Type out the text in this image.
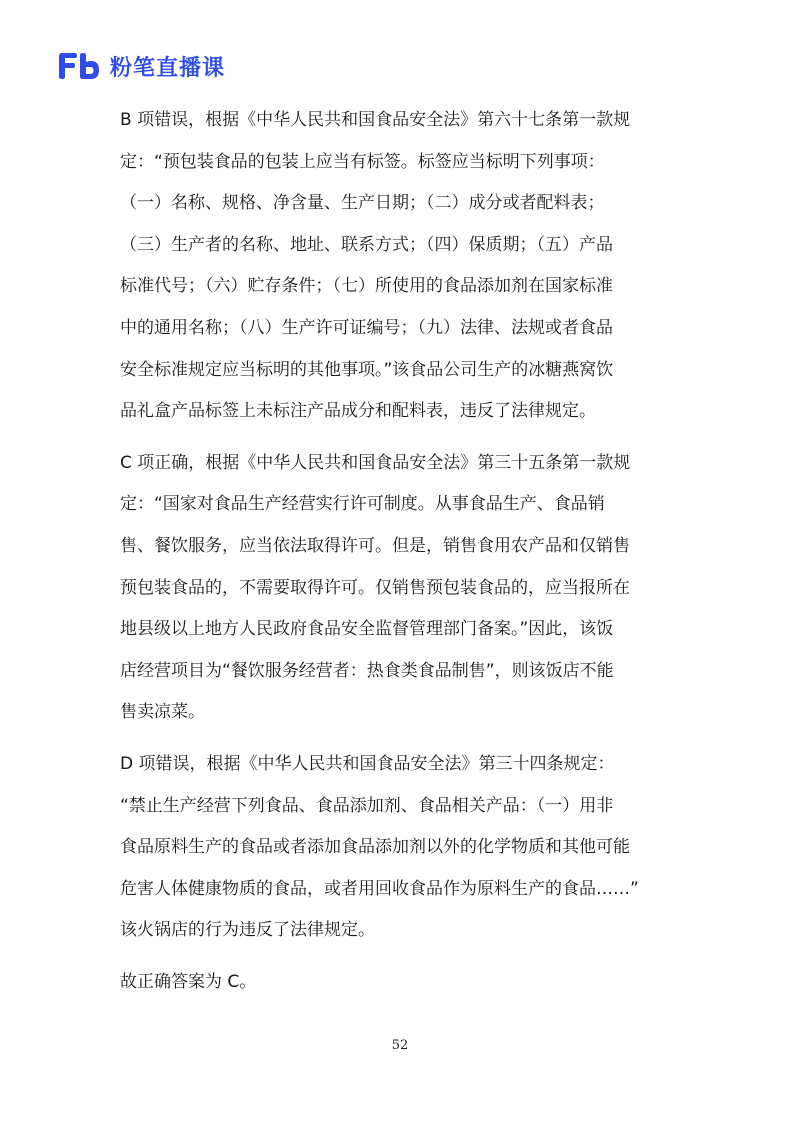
粉笔直播课

B 项错误，根据《中华人民共和国食品安全法》第六十七条第一款规
定：“预包装食品的包装上应当有标签。标签应当标明下列事项：
（一）名称、规格、净含量、生产日期；（二）成分或者配料表；
（三）生产者的名称、地址、联系方式；（四）保质期；（五）产品
标准代号；（六）贮存条件；（七）所使用的食品添加剂在国家标准
中的通用名称；（八）生产许可证编号；（九）法律、法规或者食品
安全标准规定应当标明的其他事项。”该食品公司生产的冰糖燕窝饮
品礼盒产品标签上未标注产品成分和配料表，违反了法律规定。

C 项正确，根据《中华人民共和国食品安全法》第三十五条第一款规
定：“国家对食品生产经营实行许可制度。从事食品生产、食品销
售、餐饮服务，应当依法取得许可。但是，销售食用农产品和仅销售
预包装食品的，不需要取得许可。仅销售预包装食品的，应当报所在
地县级以上地方人民政府食品安全监督管理部门备案。”因此，该饭
店经营项目为“餐饮服务经营者：热食类食品制售”，则该饭店不能
售卖凉菜。

D 项错误，根据《中华人民共和国食品安全法》第三十四条规定：
“禁止生产经营下列食品、食品添加剂、食品相关产品：（一）用非
食品原料生产的食品或者添加食品添加剂以外的化学物质和其他可能
危害人体健康物质的食品，或者用回收食品作为原料生产的食品……”
该火锅店的行为违反了法律规定。

故正确答案为 C。

52
